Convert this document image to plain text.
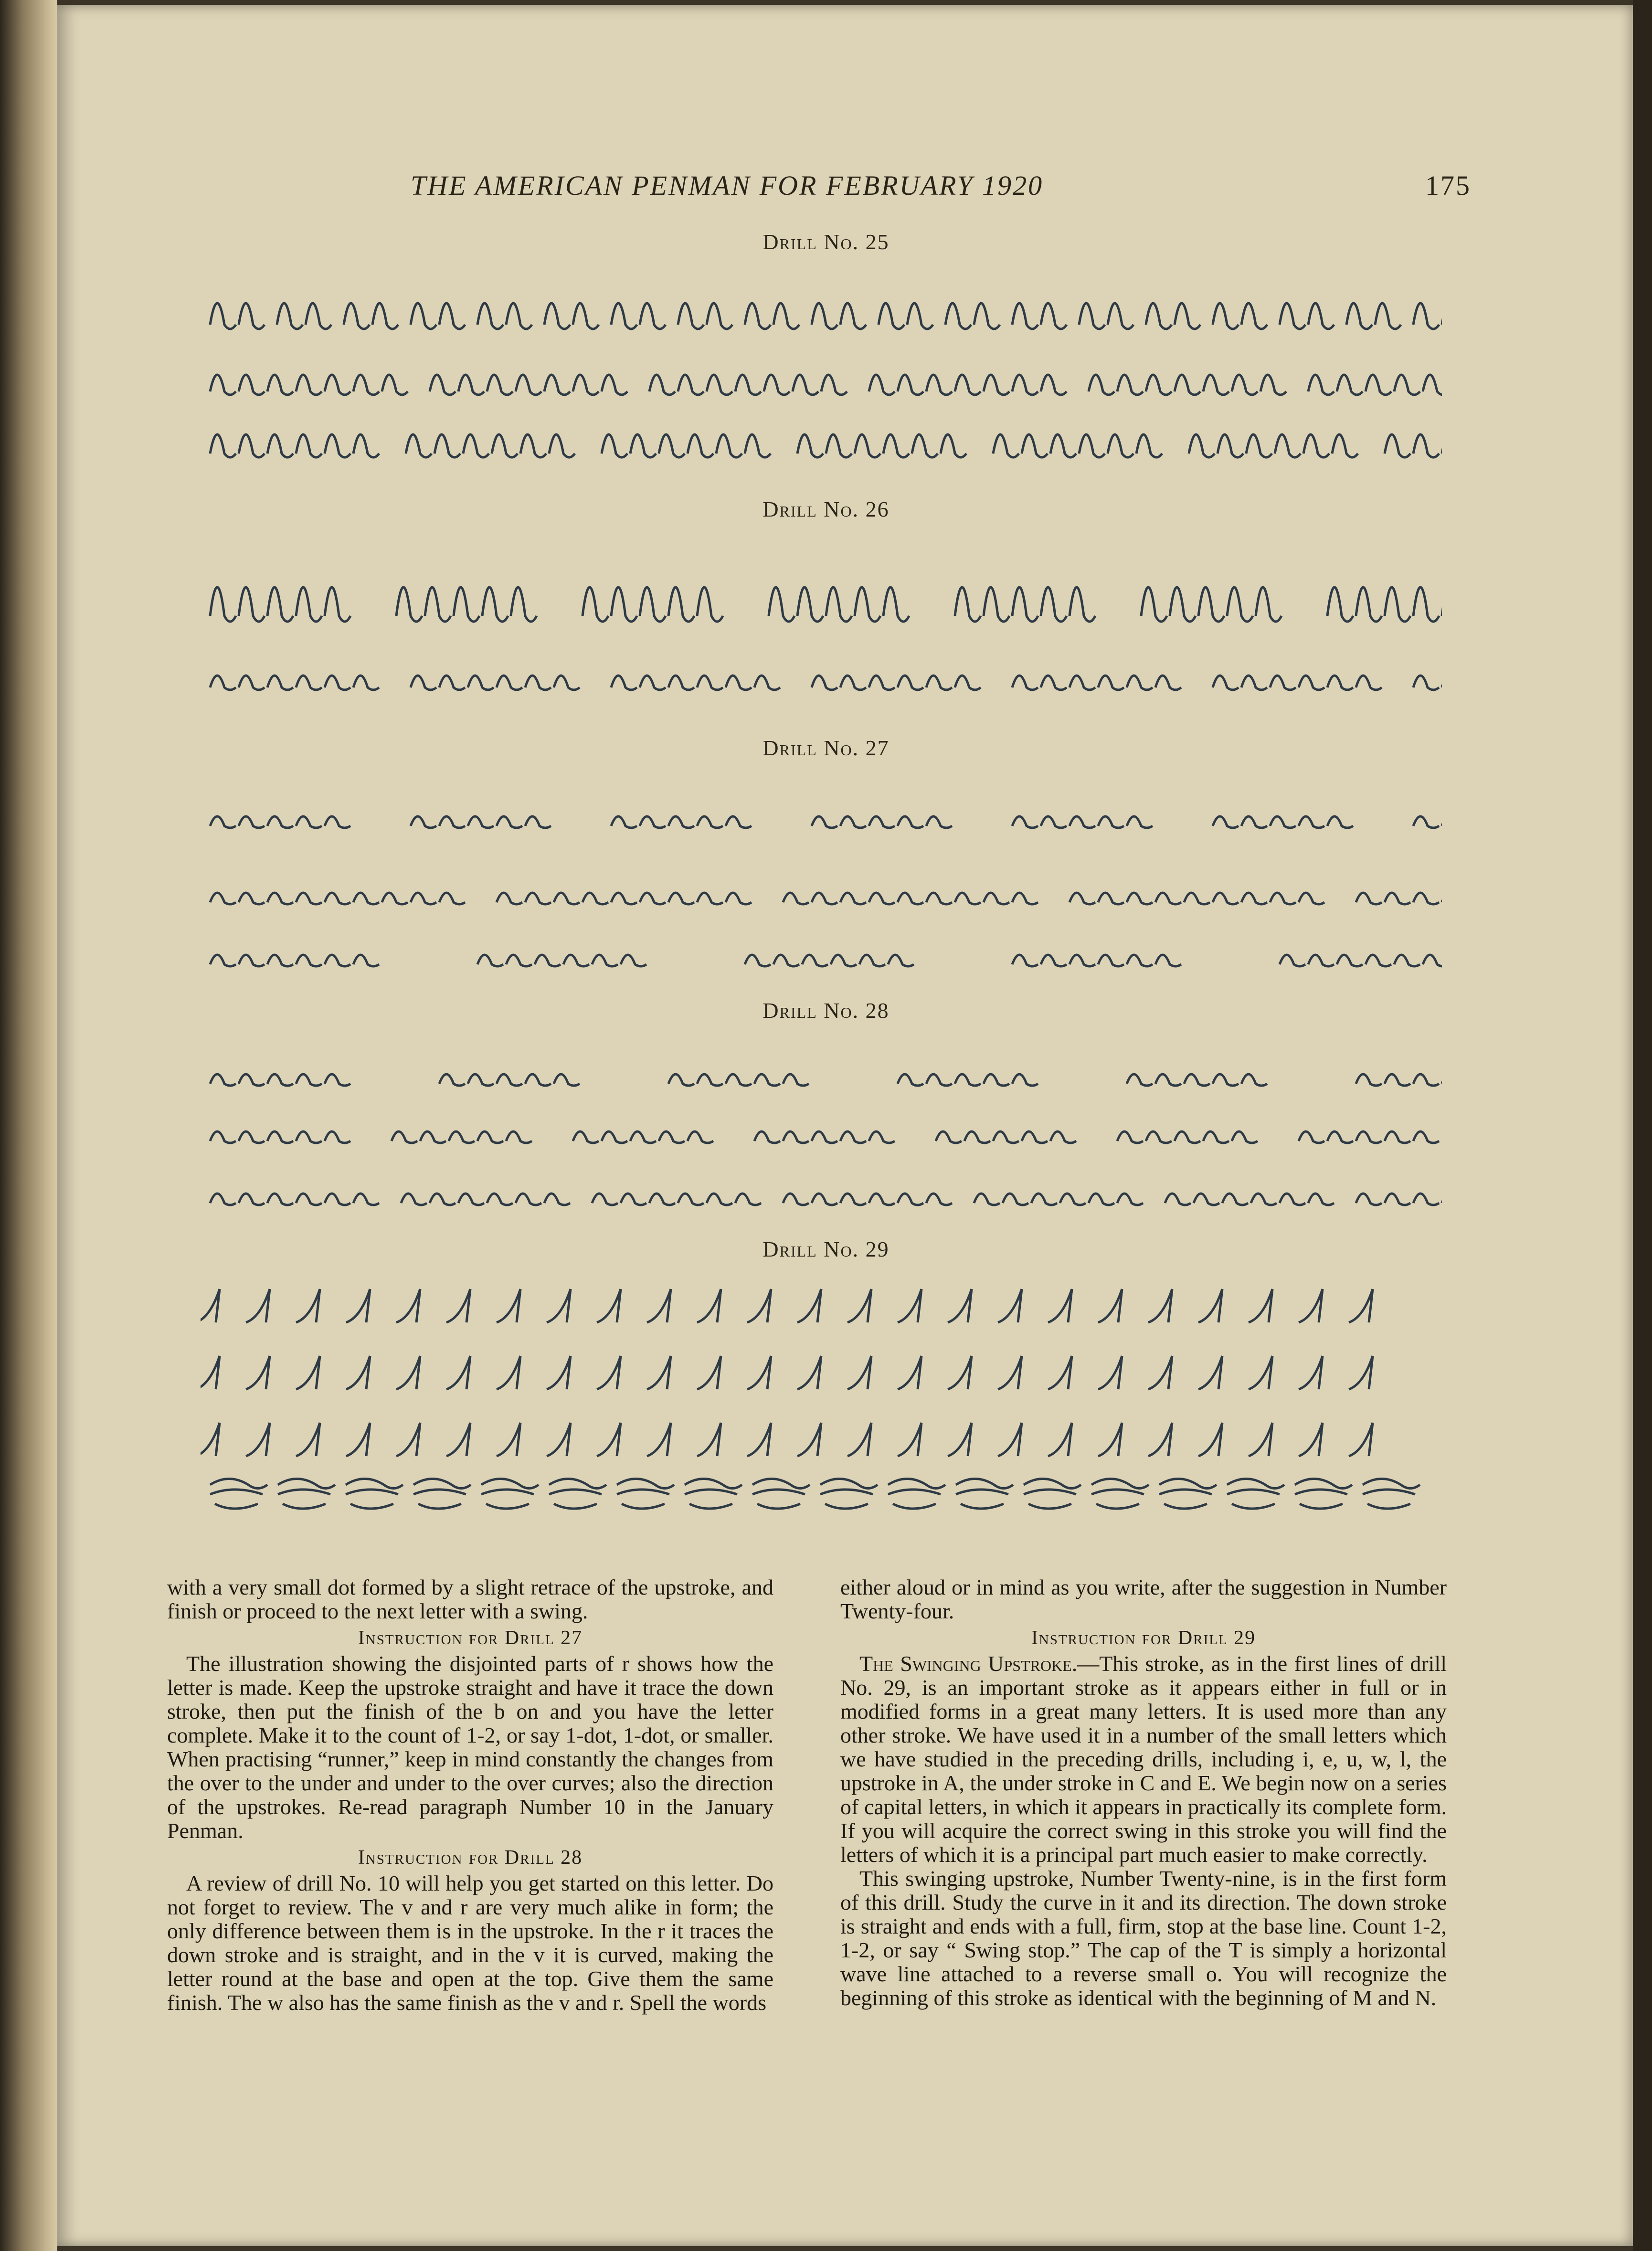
THE AMERICAN PENMAN FOR FEBRUARY 1920	175
Drill No. 25
Drill No. 26
Drill No. 27
Drill No. 28
Drill No. 29

with a very small dot formed by a slight retrace of the upstroke, and finish or proceed to the next letter with a swing.

Instruction for Drill 27

The illustration showing the disjointed parts of r shows how the letter is made. Keep the upstroke straight and have it trace the down stroke, then put the finish of the b on and you have the letter complete. Make it to the count of 1-2, or say 1-dot, 1-dot, or smaller. When practising “runner,” keep in mind constantly the changes from the over to the under and under to the over curves; also the direction of the upstrokes. Re-read paragraph Number 10 in the January Penman.

Instruction for Drill 28

A review of drill No. 10 will help you get started on this letter. Do not forget to review. The v and r are very much alike in form; the only difference between them is in the upstroke. In the r it traces the down stroke and is straight, and in the v it is curved, making the letter round at the base and open at the top. Give them the same finish. The w also has the same finish as the v and r. Spell the words

either aloud or in mind as you write, after the suggestion in Number Twenty-four.

Instruction for Drill 29

The Swinging Upstroke.—This stroke, as in the first lines of drill No. 29, is an important stroke as it appears either in full or in modified forms in a great many letters. It is used more than any other stroke. We have used it in a number of the small letters which we have studied in the preceding drills, including i, e, u, w, l, the upstroke in A, the under stroke in C and E. We begin now on a series of capital letters, in which it appears in practically its complete form. If you will acquire the correct swing in this stroke you will find the letters of which it is a principal part much easier to make correctly.

This swinging upstroke, Number Twenty-nine, is in the first form of this drill. Study the curve in it and its direction. The down stroke is straight and ends with a full, firm, stop at the base line. Count 1-2, 1-2, or say “ Swing stop.” The cap of the T is simply a horizontal wave line attached to a reverse small o. You will recognize the beginning of this stroke as identical with the beginning of M and N.
